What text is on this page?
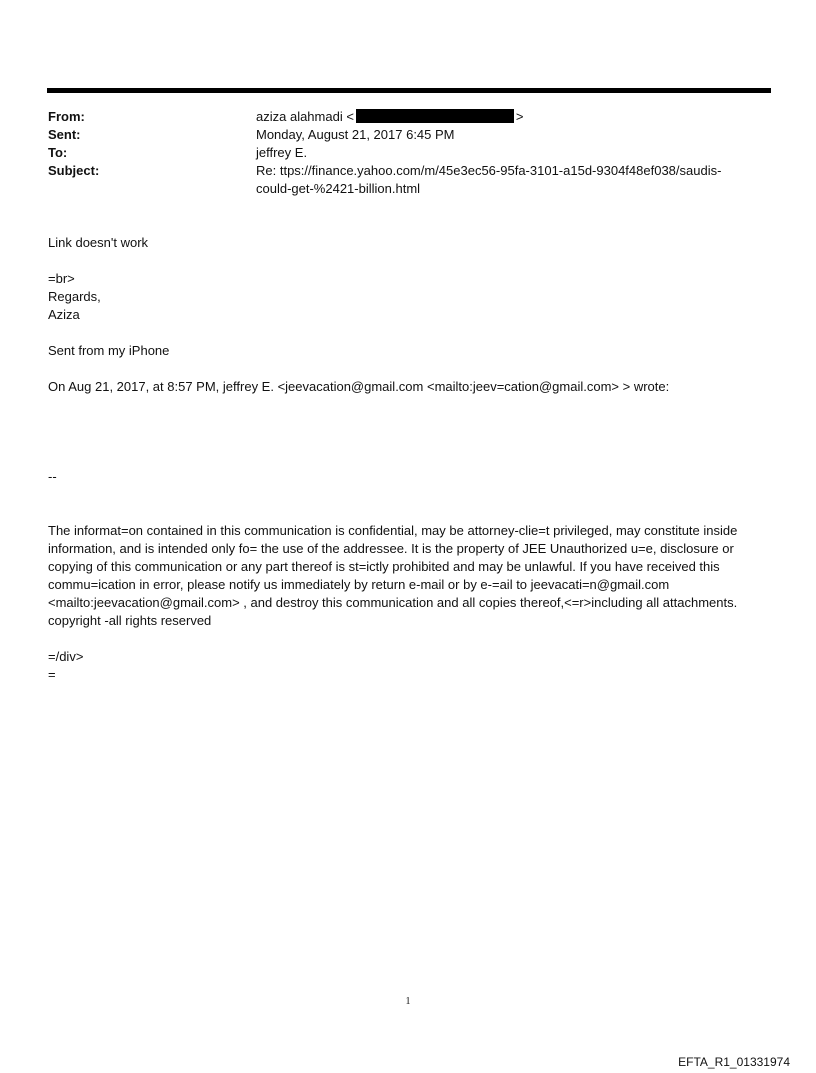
From:	aziza alahmadi <	>
Sent:	Monday, August 21, 2017 6:45 PM
To:	jeffrey E.
Subject:	Re: ttps://finance.yahoo.com/m/45e3ec56-95fa-3101-a15d-9304f48ef038/saudis-
could-get-%2421-billion.html
Link doesn't work
=br>
Regards,
Aziza
Sent from my iPhone
On Aug 21, 2017, at 8:57 PM, jeffrey E. <jeevacation@gmail.com <mailto:jeev=cation@gmail.com> > wrote:
--
The informat=on contained in this communication is confidential, may be attorney-clie=t privileged, may constitute inside information, and is intended only fo= the use of the addressee. It is the property of JEE Unauthorized u=e, disclosure or copying of this communication or any part thereof is st=ictly prohibited and may be unlawful. If you have received this commu=ication in error, please notify us immediately by return e-mail or by e-=ail to jeevacati=n@gmail.com <mailto:jeevacation@gmail.com> , and destroy this communication and all copies thereof,<=r>including all attachments. copyright -all rights reserved
=/div>
=
1
EFTA_R1_01331974
